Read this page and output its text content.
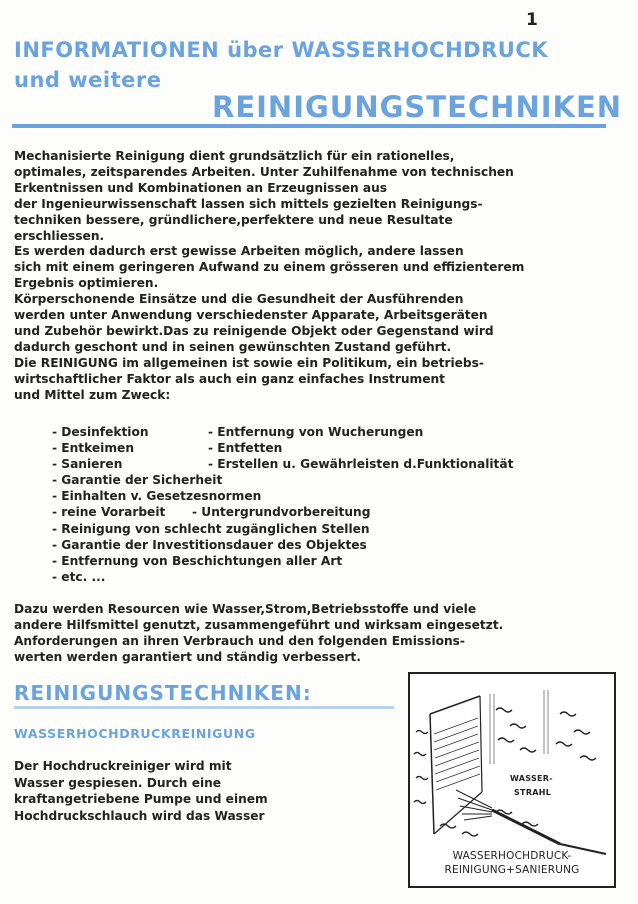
1
INFORMATIONEN über WASSERHOCHDRUCK
und weitere
REINIGUNGSTECHNIKEN
Mechanisierte Reinigung dient grundsätzlich für ein rationelles,
optimales, zeitsparendes Arbeiten. Unter Zuhilfenahme von technischen
Erkentnissen und Kombinationen an Erzeugnissen aus
der Ingenieurwissenschaft lassen sich mittels gezielten Reinigungs-
techniken bessere, gründlichere,perfektere und neue Resultate
erschliessen.
Es werden dadurch erst gewisse Arbeiten möglich, andere lassen
sich mit einem geringeren Aufwand zu einem grösseren und effizienterem
Ergebnis optimieren.
Körperschonende Einsätze und die Gesundheit der Ausführenden
werden unter Anwendung verschiedenster Apparate, Arbeitsgeräten
und Zubehör bewirkt.Das zu reinigende Objekt oder Gegenstand wird
dadurch geschont und in seinen gewünschten Zustand geführt.
Die REINIGUNG im allgemeinen ist sowie ein Politikum, ein betriebs-
wirtschaftlicher Faktor als auch ein ganz einfaches Instrument
und Mittel zum Zweck:
- Desinfektion	- Entfernung von Wucherungen
- Entkeimen	- Entfetten
- Sanieren	- Erstellen u. Gewährleisten d.Funktionalität
- Garantie der Sicherheit
- Einhalten v. Gesetzesnormen
- reine Vorarbeit - Untergrundvorbereitung
- Reinigung von schlecht zugänglichen Stellen
- Garantie der Investitionsdauer des Objektes
- Entfernung von Beschichtungen aller Art
- etc. ...
Dazu werden Resourcen wie Wasser,Strom,Betriebsstoffe und viele
andere Hilfsmittel genutzt, zusammengeführt und wirksam eingesetzt.
Anforderungen an ihren Verbrauch und den folgenden Emissions-
werten werden garantiert und ständig verbessert.
REINIGUNGSTECHNIKEN:
WASSERHOCHDRUCKREINIGUNG
Der Hochdruckreiniger wird mit
Wasser gespiesen. Durch eine
kraftangetriebene Pumpe und einem
Hochdruckschlauch wird das Wasser
WASSER-
STRAHL
WASSERHOCHDRUCK-
REINIGUNG+SANIERUNG
